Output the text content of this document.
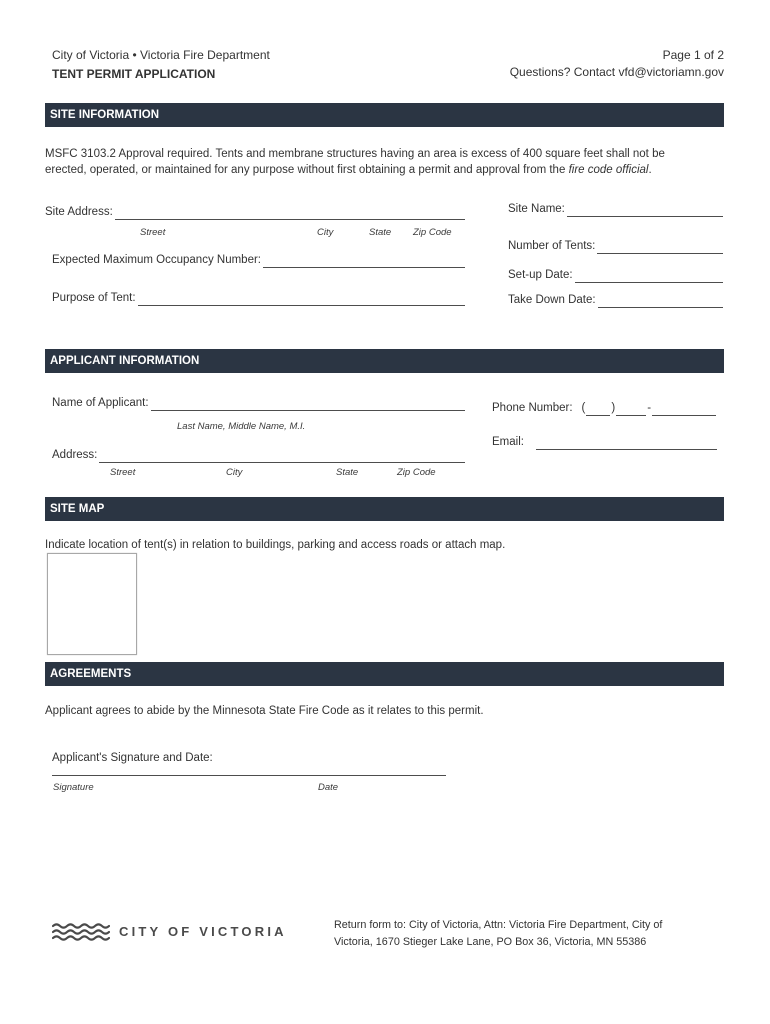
City of Victoria • Victoria Fire Department
TENT PERMIT APPLICATION
Page 1 of 2
Questions? Contact vfd@victoriamn.gov
SITE INFORMATION
MSFC 3103.2 Approval required. Tents and membrane structures having an area is excess of 400 square feet shall not be
erected, operated, or maintained for any purpose without first obtaining a permit and approval from the fire code official.
Site Address:
Street	City	State Zip Code
Site Name:
Number of Tents:
Expected Maximum Occupancy Number:
Set-up Date:
Purpose of Tent:	Take Down Date:
APPLICANT INFORMATION
Name of Applicant:
Last Name, Middle Name, M.I.
Phone Number: ( )	-
Email:
Address:
Street	City	State	Zip Code
SITE MAP
Indicate location of tent(s) in relation to buildings, parking and access roads or attach map.
AGREEMENTS
Applicant agrees to abide by the Minnesota State Fire Code as it relates to this permit.
Applicant's Signature and Date:
Signature	Date
CITY OF VICTORIA	Return form to: City of Victoria, Attn: Victoria Fire Department, City of
Victoria, 1670 Stieger Lake Lane, PO Box 36, Victoria, MN 55386
